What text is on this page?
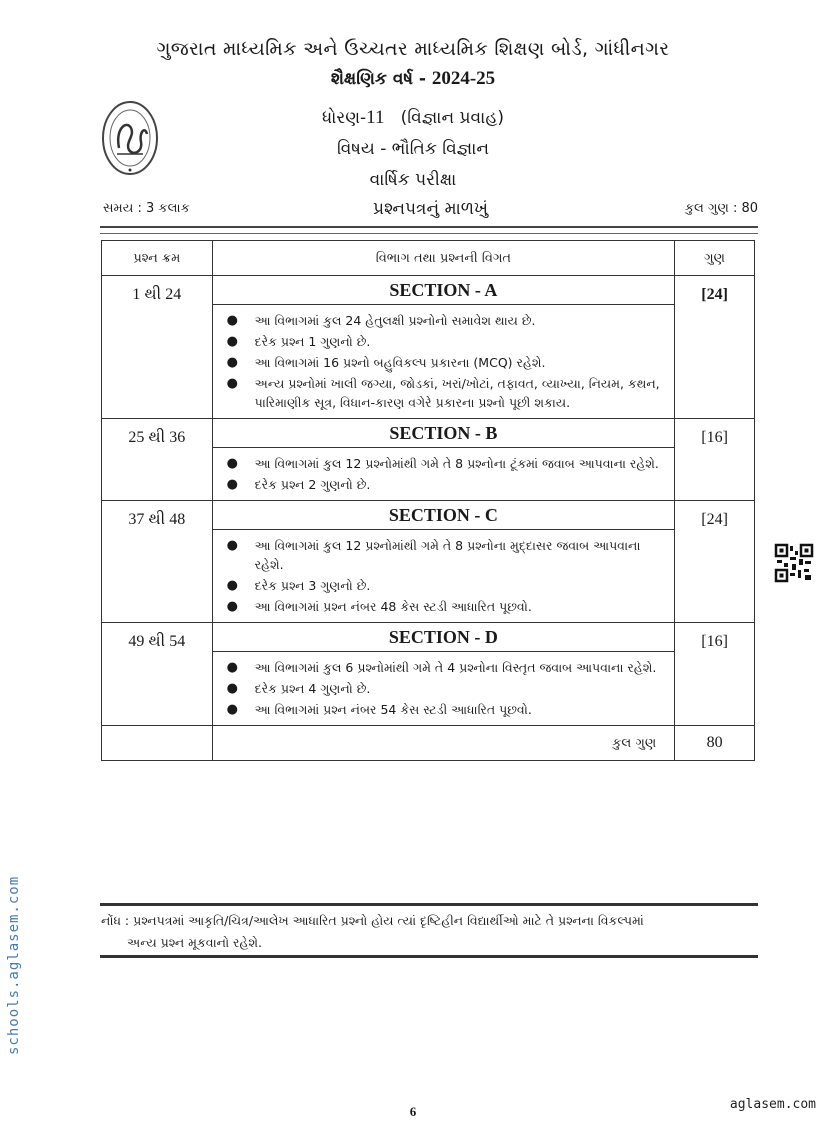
ગુજરાત માધ્યમિક અને ઉચ્ચતર માધ્યમિક શિક્ષણ બોર્ડ, ગાંધીનગર
શૈક્ષણિક વર્ષ - 2024-25
ધોરણ-11 (વિજ્ઞાન પ્રવાહ)
વિષય - ભૌતિક વિજ્ઞાન
વાર્ષિક પરીક્ષા
સમય : 3 કલાક	પ્રશ્નપત્રનું માળખું	કુલ ગુણ : 80
પ્રશ્ન ક્રમ	વિભાગ તથા પ્રશ્નની વિગત	ગુણ
1 થી 24	SECTION - A
● આ વિભાગમાં કુલ 24 હેતુલક્ષી પ્રશ્નોનો સમાવેશ થાય છે.
● દરેક પ્રશ્ન 1 ગુણનો છે.
● આ વિભાગમાં 16 પ્રશ્નો બહુવિકલ્પ પ્રકારના (MCQ) રહેશે.
● અન્ય પ્રશ્નોમાં ખાલી જગ્યા, જોડકાં, ખરાં/ખોટાં, તફાવત, વ્યાખ્યા, નિયમ, કથન, પારિમાણીક સૂત્ર, વિધાન-કારણ વગેરે પ્રકારના પ્રશ્નો પૂછી શકાય.
	[24]
25 થી 36	SECTION - B
● આ વિભાગમાં કુલ 12 પ્રશ્નોમાંથી ગમે તે 8 પ્રશ્નોના ટૂંકમાં જવાબ આપવાના રહેશે.
● દરેક પ્રશ્ન 2 ગુણનો છે.
	[16]
37 થી 48	SECTION - C
● આ વિભાગમાં કુલ 12 પ્રશ્નોમાંથી ગમે તે 8 પ્રશ્નોના મુદ્દાસર જવાબ આપવાના રહેશે.
● દરેક પ્રશ્ન 3 ગુણનો છે.
● આ વિભાગમાં પ્રશ્ન નંબર 48 કેસ સ્ટડી આધારિત પૂછવો.
	[24]
49 થી 54	SECTION - D
● આ વિભાગમાં કુલ 6 પ્રશ્નોમાંથી ગમે તે 4 પ્રશ્નોના વિસ્તૃત જવાબ આપવાના રહેશે.
● દરેક પ્રશ્ન 4 ગુણનો છે.
● આ વિભાગમાં પ્રશ્ન નંબર 54 કેસ સ્ટડી આધારિત પૂછવો.
	[16]
	કુલ ગુણ	80
નોંધ : પ્રશ્નપત્રમાં આકૃતિ/ચિત્ર/આલેખ આધારિત પ્રશ્નો હોય ત્યાં દૃષ્ટિહીન વિદ્યાર્થીઓ માટે તે પ્રશ્નના વિકલ્પમાં
અન્ય પ્રશ્ન મૂકવાનો રહેશે.
schools.aglasem.com
6	aglasem.com
